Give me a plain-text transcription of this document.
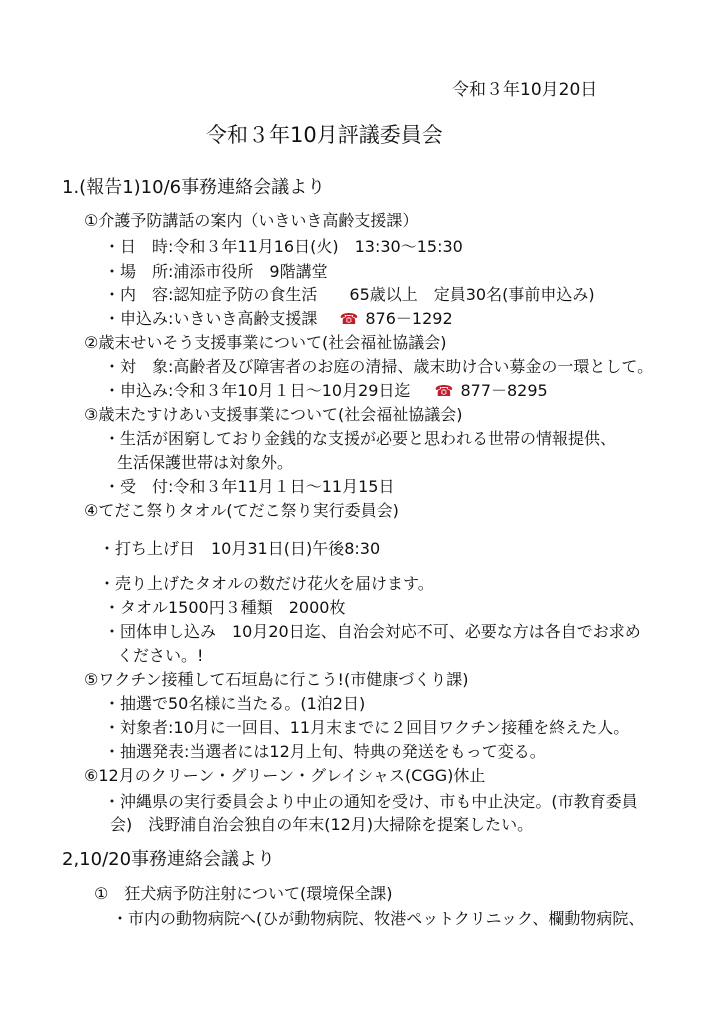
令和３年10月20日
令和３年10月評議委員会
1.(報告1)10/6事務連絡会議より
①介護予防講話の案内（いきいき高齢支援課）
・日　時:令和３年11月16日(火)　13:30～15:30
・場　所:浦添市役所　9階講堂
・内　容:認知症予防の食生活　　65歳以上　定員30名(事前申込み)
・申込み:いきいき高齢支援課 ☎ 876－1292
②歳末せいそう支援事業について(社会福祉協議会)
・対　象:高齢者及び障害者のお庭の清掃、歳末助け合い募金の一環として。
・申込み:令和３年10月１日～10月29日迄 ☎ 877－8295
③歳末たすけあい支援事業について(社会福祉協議会)
・生活が困窮しており金銭的な支援が必要と思われる世帯の情報提供、
生活保護世帯は対象外。
・受　付:令和３年11月１日～11月15日
④てだこ祭りタオル(てだこ祭り実行委員会)
・打ち上げ日　10月31日(日)午後8:30
・売り上げたタオルの数だけ花火を届けます。
・タオル1500円３種類　2000枚
・団体申し込み　10月20日迄、自治会対応不可、必要な方は各自でお求め
ください。!
⑤ワクチン接種して石垣島に行こう!(市健康づくり課)
・抽選で50名様に当たる。(1泊2日)
・対象者:10月に一回目、11月末までに２回目ワクチン接種を終えた人。
・抽選発表:当選者には12月上旬、特典の発送をもって変る。
⑥12月のクリーン・グリーン・グレイシャス(CGG)休止
・沖縄県の実行委員会より中止の通知を受け、市も中止決定。(市教育委員
会)　浅野浦自治会独自の年末(12月)大掃除を提案したい。
2,10/20事務連絡会議より
①　狂犬病予防注射について(環境保全課)
・市内の動物病院へ(ひが動物病院、牧港ペットクリニック、欄動物病院、
